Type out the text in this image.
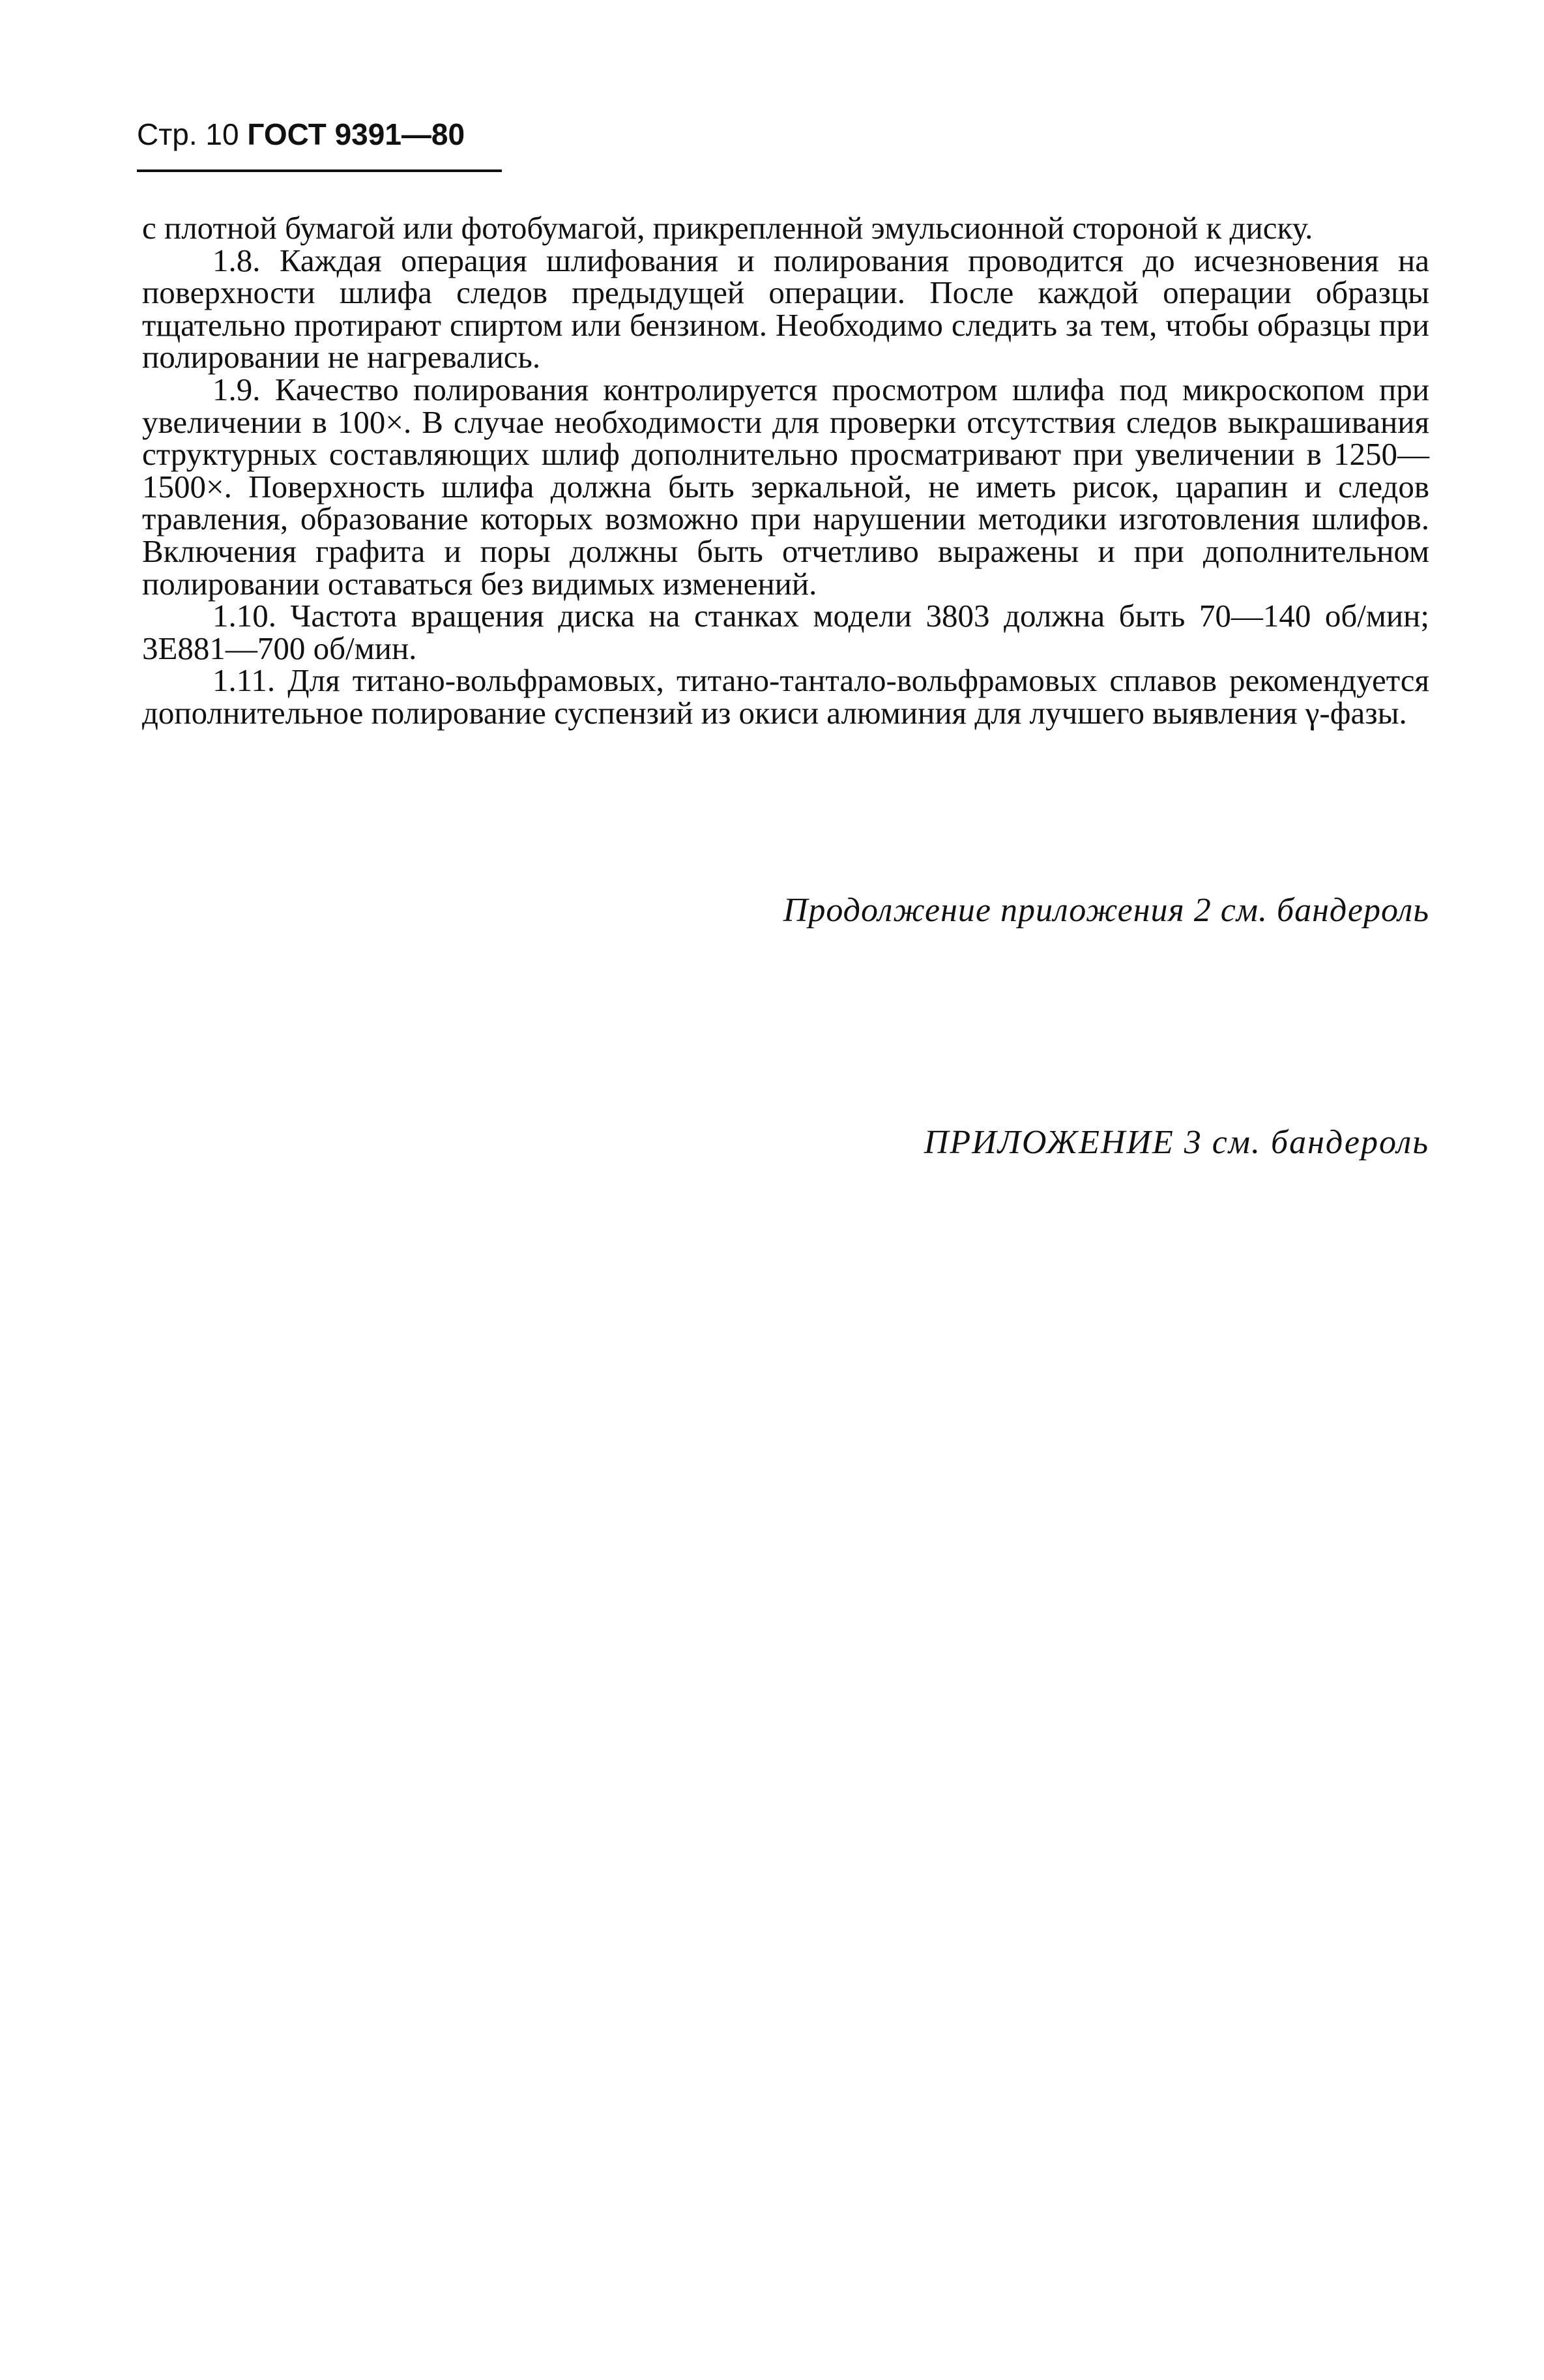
Стр. 10 ГОСТ 9391—80

с плотной бумагой или фотобумагой, прикрепленной эмульсионной стороной к диску.

1.8. Каждая операция шлифования и полирования проводится до исчезновения на поверхности шлифа следов предыдущей операции. После каждой операции образцы тщательно протирают спиртом или бензином. Необходимо следить за тем, чтобы образцы при полировании не нагревались.

1.9. Качество полирования контролируется просмотром шлифа под микроскопом при увеличении в 100×. В случае необходимости для проверки отсутствия следов выкрашивания структурных составляющих шлиф дополнительно просматривают при увеличении в 1250—1500×. Поверхность шлифа должна быть зеркальной, не иметь рисок, царапин и следов травления, образование которых возможно при нарушении методики изготовления шлифов. Включения графита и поры должны быть отчетливо выражены и при дополнительном полировании оставаться без видимых изменений.

1.10. Частота вращения диска на станках модели 3803 должна быть 70—140 об/мин; 3Е881—700 об/мин.

1.11. Для титано-вольфрамовых, титано-тантало-вольфрамовых сплавов рекомендуется дополнительное полирование суспензий из окиси алюминия для лучшего выявления γ-фазы.

Продолжение приложения 2 см. бандероль
ПРИЛОЖЕНИЕ 3 см. бандероль
